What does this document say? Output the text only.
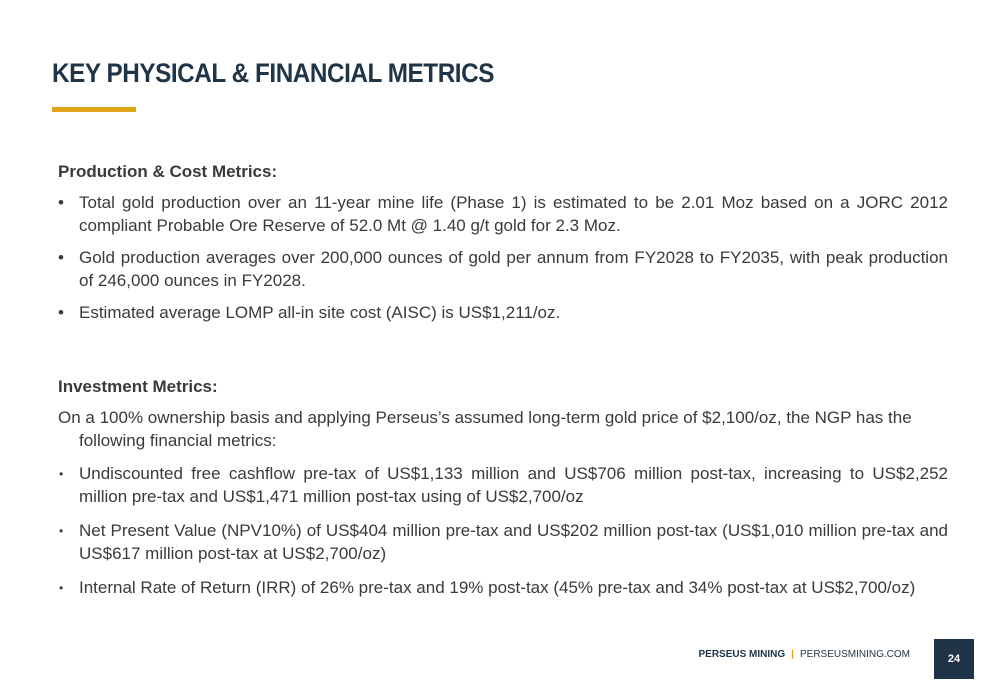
KEY PHYSICAL & FINANCIAL METRICS
Production & Cost Metrics:
• Total gold production over an 11-year mine life (Phase 1) is estimated to be 2.01 Moz based on a JORC 2012 compliant Probable Ore Reserve of 52.0 Mt @ 1.40 g/t gold for 2.3 Moz.
• Gold production averages over 200,000 ounces of gold per annum from FY2028 to FY2035, with peak production of 246,000 ounces in FY2028.
• Estimated average LOMP all-in site cost (AISC) is US$1,211/oz.
Investment Metrics:
On a 100% ownership basis and applying Perseus’s assumed long-term gold price of $2,100/oz, the NGP has the following financial metrics:
• Undiscounted free cashflow pre-tax of US$1,133 million and US$706 million post-tax, increasing to US$2,252 million pre-tax and US$1,471 million post-tax using of US$2,700/oz
• Net Present Value (NPV10%) of US$404 million pre-tax and US$202 million post-tax (US$1,010 million pre-tax and US$617 million post-tax at US$2,700/oz)
• Internal Rate of Return (IRR) of 26% pre-tax and 19% post-tax (45% pre-tax and 34% post-tax at US$2,700/oz)
PERSEUS MINING | PERSEUSMINING.COM	24
